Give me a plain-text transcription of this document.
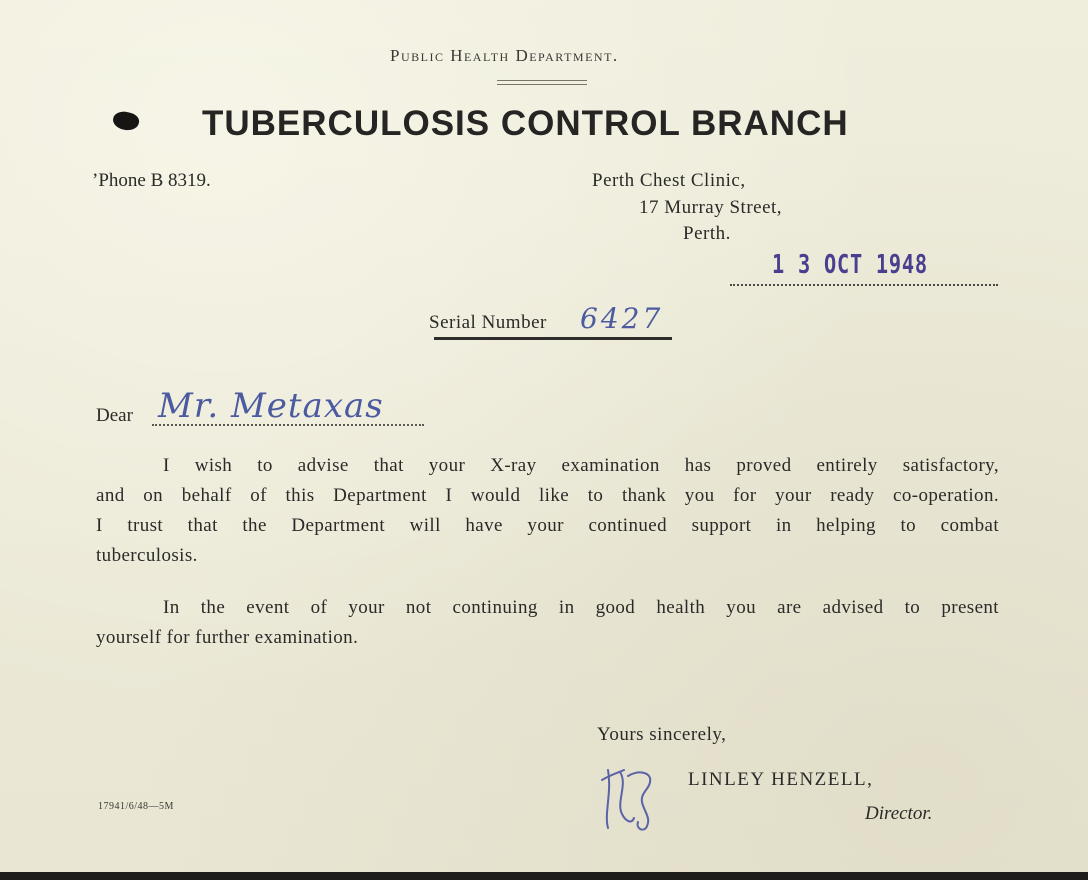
Public Health Department.
TUBERCULOSIS CONTROL BRANCH
’Phone B 8319.	Perth Chest Clinic,
17 Murray Street,
Perth.
1 3 OCT 1948
Serial Number 6427
Dear Mr. Metaxas
I wish to advise that your X-ray examination has proved entirely satisfactory,
and on behalf of this Department I would like to thank you for your ready co-operation.
I trust that the Department will have your continued support in helping to combat
tuberculosis.
In the event of your not continuing in good health you are advised to present
yourself for further examination.
Yours sincerely,
LINLEY HENZELL,
Director.
17941/6/48—5M
